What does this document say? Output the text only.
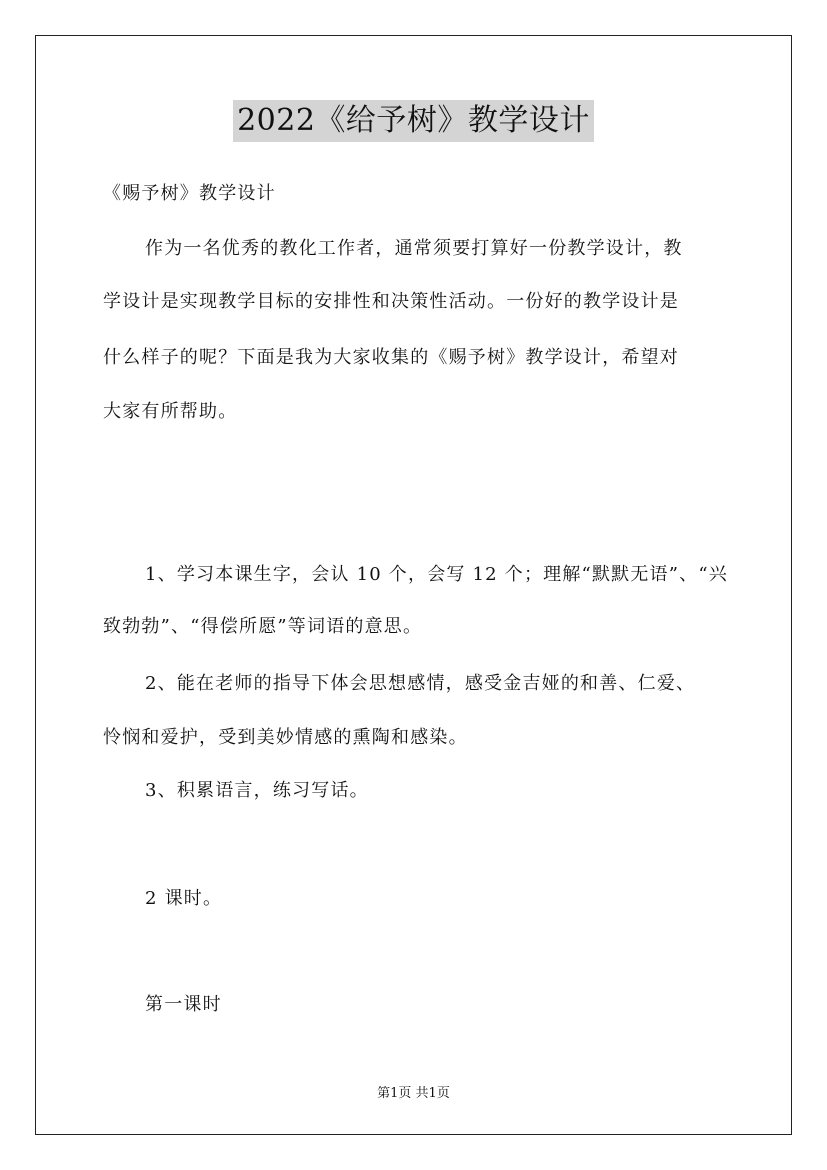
2022《给予树》教学设计
《赐予树》教学设计
作为一名优秀的教化工作者，通常须要打算好一份教学设计，教
学设计是实现教学目标的安排性和决策性活动。一份好的教学设计是
什么样子的呢？下面是我为大家收集的《赐予树》教学设计，希望对
大家有所帮助。
1、学习本课生字，会认 10 个，会写 12 个；理解“默默无语”、“兴
致勃勃”、“得偿所愿”等词语的意思。
2、能在老师的指导下体会思想感情，感受金吉娅的和善、仁爱、
怜悯和爱护，受到美妙情感的熏陶和感染。
3、积累语言，练习写话。
2 课时。
第一课时
第1页 共1页
